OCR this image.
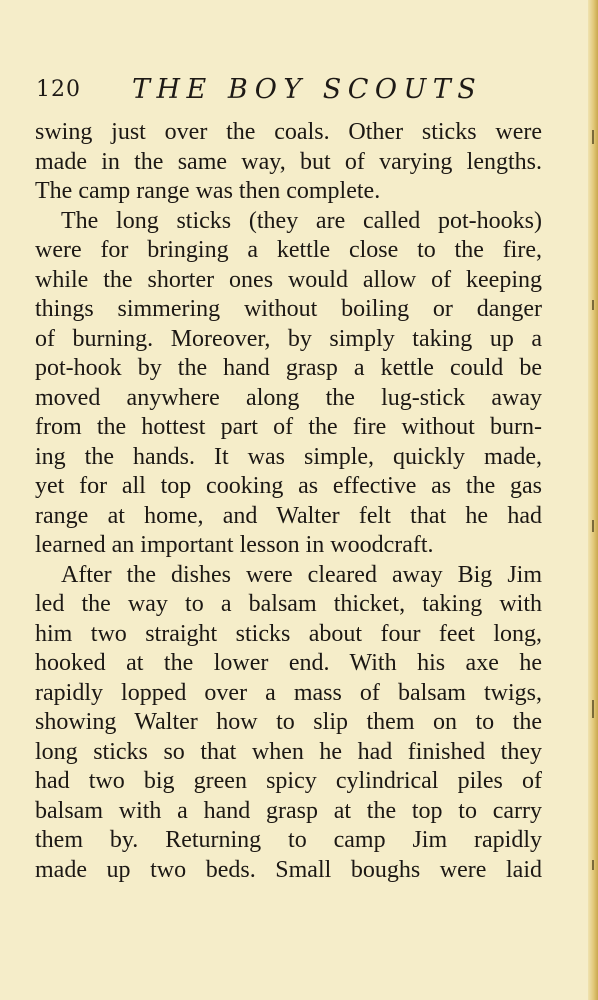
120 THE BOY SCOUTS
swing just over the coals. Other sticks were
made in the same way, but of varying lengths.
The camp range was then complete.
The long sticks (they are called pot-hooks)
were for bringing a kettle close to the fire,
while the shorter ones would allow of keeping
things simmering without boiling or danger
of burning. Moreover, by simply taking up a
pot-hook by the hand grasp a kettle could be
moved anywhere along the lug-stick away
from the hottest part of the fire without burn-
ing the hands. It was simple, quickly made,
yet for all top cooking as effective as the gas
range at home, and Walter felt that he had
learned an important lesson in woodcraft.
After the dishes were cleared away Big Jim
led the way to a balsam thicket, taking with
him two straight sticks about four feet long,
hooked at the lower end. With his axe he
rapidly lopped over a mass of balsam twigs,
showing Walter how to slip them on to the
long sticks so that when he had finished they
had two big green spicy cylindrical piles of
balsam with a hand grasp at the top to carry
them by. Returning to camp Jim rapidly
made up two beds. Small boughs were laid
